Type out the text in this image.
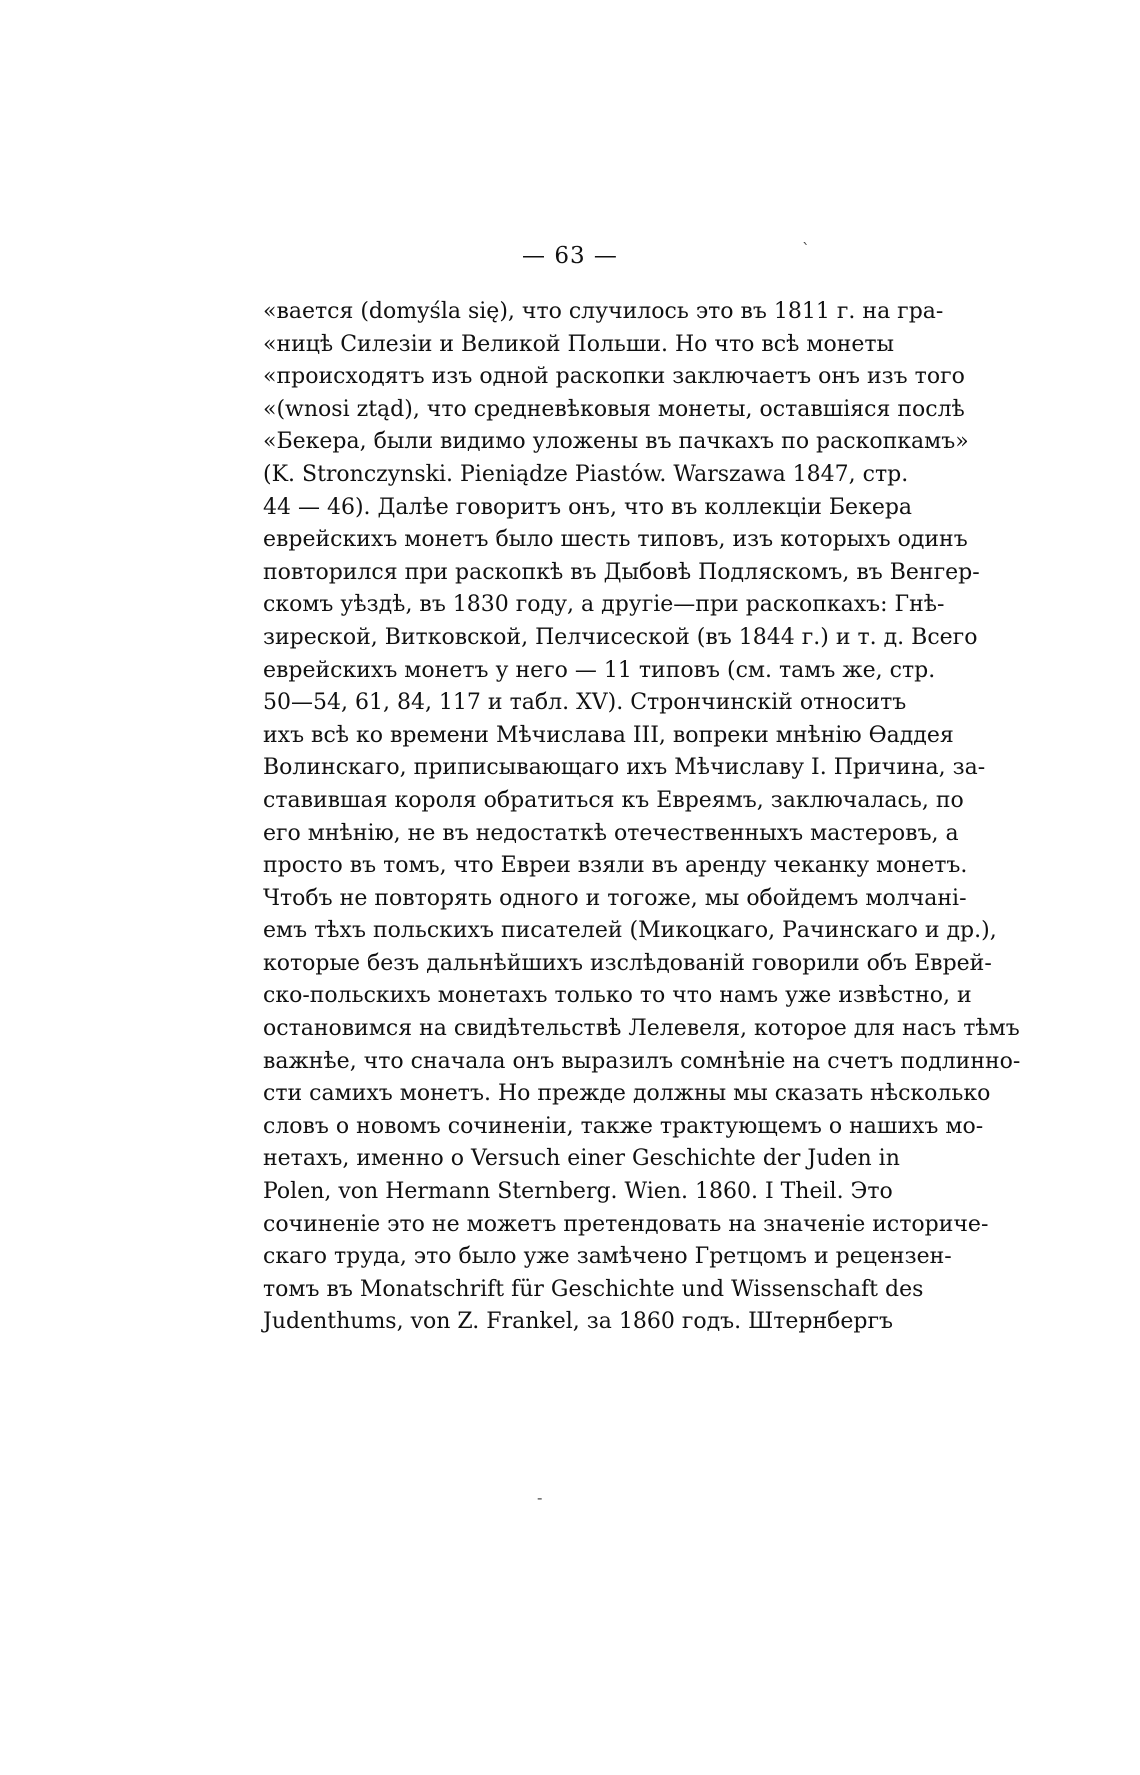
`
— 63 —
«вается (domyśla się), что случилось это въ 1811 г. на гра-
«ницѣ Силезіи и Великой Польши. Но что всѣ монеты
«происходятъ изъ одной раскопки заключаетъ онъ изъ того
«(wnosi ztąd), что средневѣковыя монеты, оставшіяся послѣ
«Бекера, были видимо уложены въ пачкахъ по раскопкамъ»
(K. Stronczynski. Pieniądze Piastów. Warszawa 1847, стр.
44 — 46). Далѣе говоритъ онъ, что въ коллекціи Бекера
еврейскихъ монетъ было шесть типовъ, изъ которыхъ одинъ
повторился при раскопкѣ въ Дыбовѣ Подляскомъ, въ Венгер-
скомъ уѣздѣ, въ 1830 году, а другіе—при раскопкахъ: Гнѣ-
зиреской, Витковской, Пелчисеской (въ 1844 г.) и т. д. Всего
еврейскихъ монетъ у него — 11 типовъ (см. тамъ же, стр.
50—54, 61, 84, 117 и табл. XV). Стрончинскій относитъ
ихъ всѣ ко времени Мѣчислава III, вопреки мнѣнію Ѳаддея
Волинскаго, приписывающаго ихъ Мѣчиславу I. Причина, за-
ставившая короля обратиться къ Евреямъ, заключалась, по
его мнѣнію, не въ недостаткѣ отечественныхъ мастеровъ, а
просто въ томъ, что Евреи взяли въ аренду чеканку монетъ.
Чтобъ не повторять одного и тогоже, мы обойдемъ молчані-
емъ тѣхъ польскихъ писателей (Микоцкаго, Рачинскаго и др.),
которые безъ дальнѣйшихъ изслѣдованій говорили объ Еврей-
ско-польскихъ монетахъ только то что намъ уже извѣстно, и
остановимся на свидѣтельствѣ Лелевеля, которое для насъ тѣмъ
важнѣе, что сначала онъ выразилъ сомнѣніе на счетъ подлинно-
сти самихъ монетъ. Но прежде должны мы сказать нѣсколько
словъ о новомъ сочиненіи, также трактующемъ о нашихъ мо-
нетахъ, именно о Versuch einer Geschichte der Juden in
Polen, von Hermann Sternberg. Wien. 1860. I Theil. Это
сочиненіе это не можетъ претендовать на значеніе историче-
скаго труда, это было уже замѣчено Гретцомъ и рецензен-
томъ въ Monatschrift für Geschichte und Wissenschaft des
Judenthums, von Z. Frankel, за 1860 годъ. Штернбергъ
-
